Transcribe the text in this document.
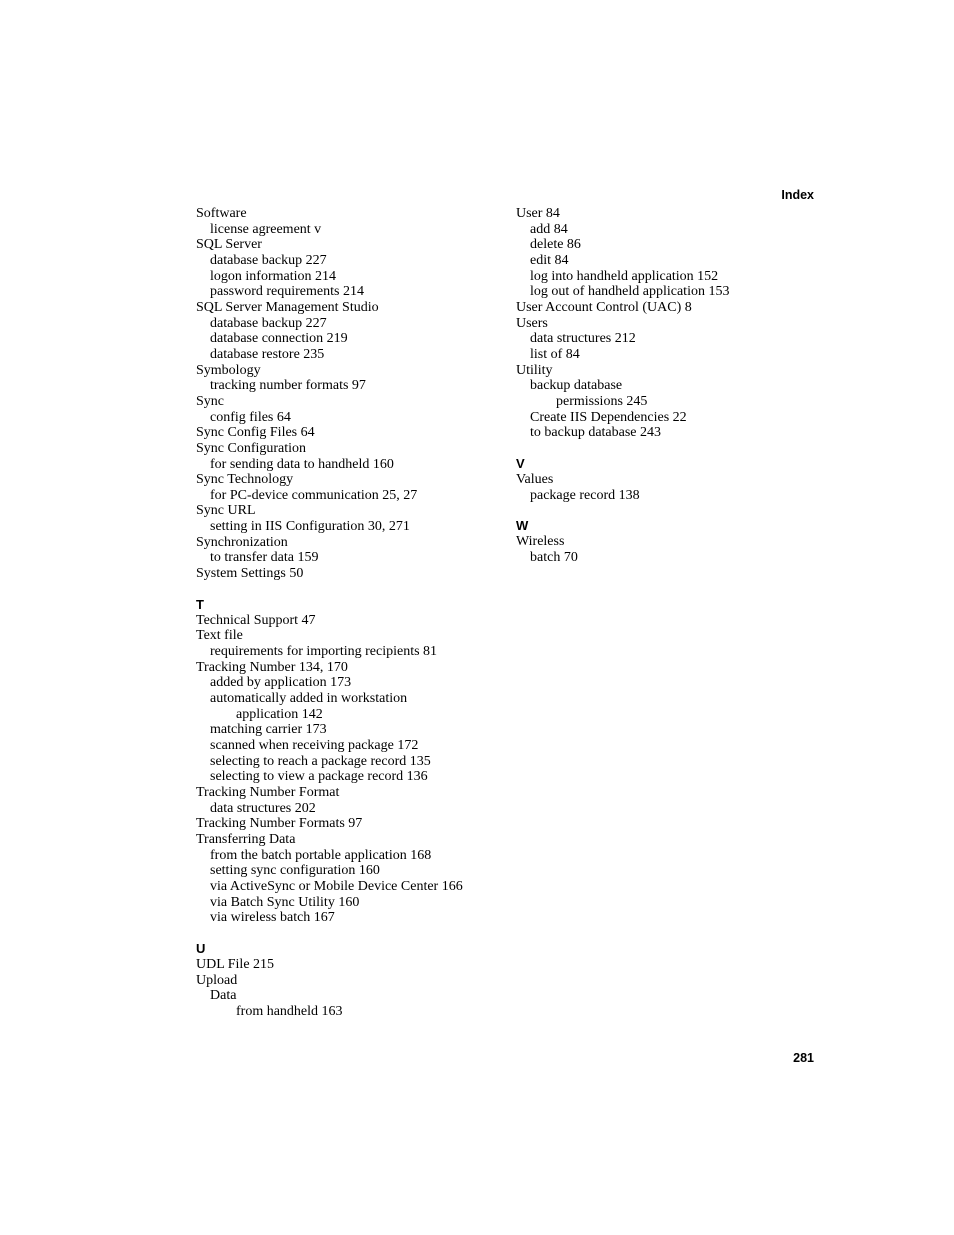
Index
Software
license agreement v
SQL Server
database backup 227
logon information 214
password requirements 214
SQL Server Management Studio
database backup 227
database connection 219
database restore 235
Symbology
tracking number formats 97
Sync
config files 64
Sync Config Files 64
Sync Configuration
for sending data to handheld 160
Sync Technology
for PC-device communication 25, 27
Sync URL
setting in IIS Configuration 30, 271
Synchronization
to transfer data 159
System Settings 50
T
Technical Support 47
Text file
requirements for importing recipients 81
Tracking Number 134, 170
added by application 173
automatically added in workstation
application 142
matching carrier 173
scanned when receiving package 172
selecting to reach a package record 135
selecting to view a package record 136
Tracking Number Format
data structures 202
Tracking Number Formats 97
Transferring Data
from the batch portable application 168
setting sync configuration 160
via ActiveSync or Mobile Device Center 166
via Batch Sync Utility 160
via wireless batch 167
U
UDL File 215
Upload
Data
from handheld 163
User 84
add 84
delete 86
edit 84
log into handheld application 152
log out of handheld application 153
User Account Control (UAC) 8
Users
data structures 212
list of 84
Utility
backup database
permissions 245
Create IIS Dependencies 22
to backup database 243
V
Values
package record 138
W
Wireless
batch 70
281
